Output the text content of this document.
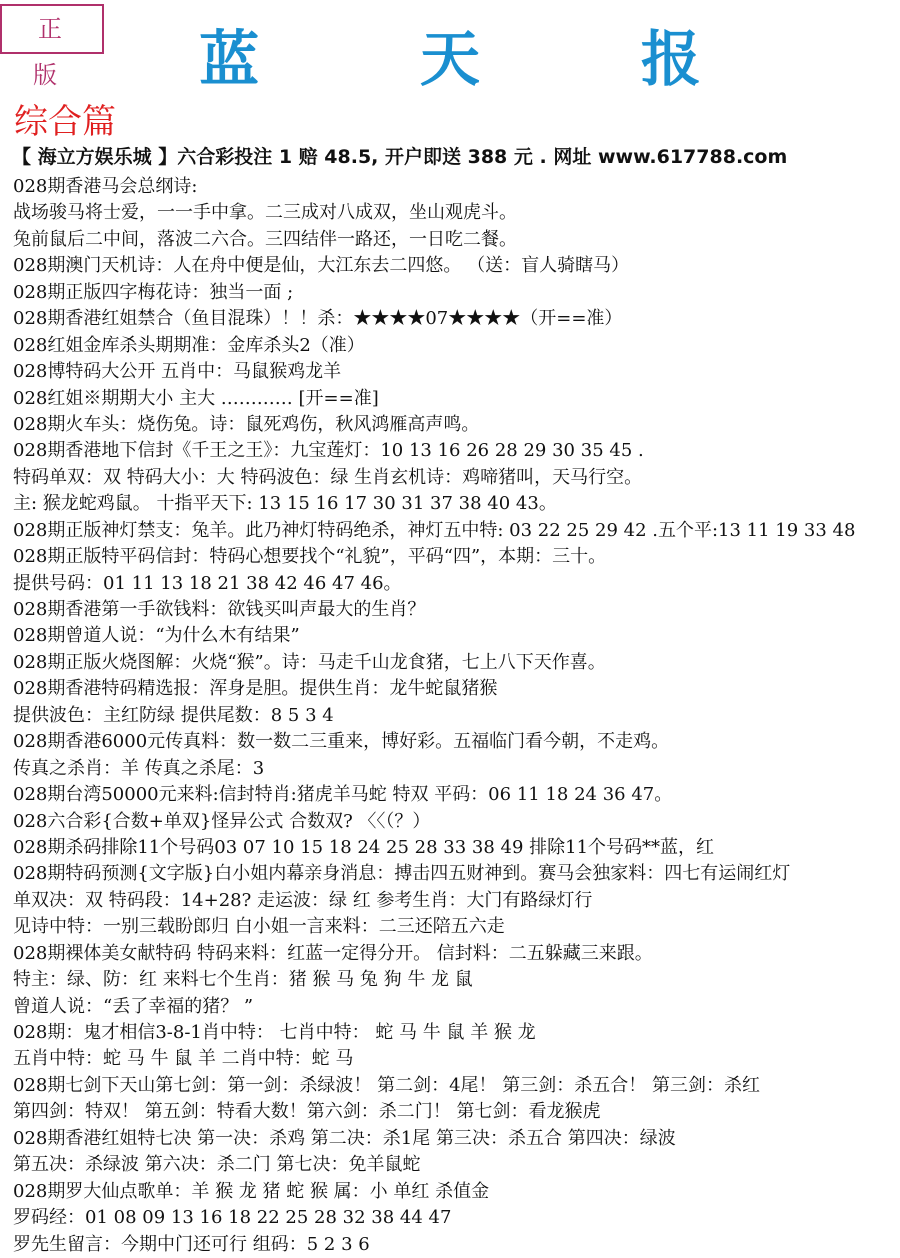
正 版	蓝 天 报
综合篇
【 海立方娱乐城 】六合彩投注 1 赔 48.5, 开户即送 388 元 . 网址 www.617788.com
028期香港马会总纲诗:
战场骏马将士爱，一一手中拿。二三成对八成双，坐山观虎斗。
兔前鼠后二中间，落波二六合。三四结伴一路还，一日吃二餐。
028期澳门天机诗：人在舟中便是仙，大江东去二四悠。 （送：盲人骑瞎马）
028期正版四字梅花诗：独当一面 ;
028期香港红姐禁合（鱼目混珠）！！杀：★★★★07★★★★（开==准）
028红姐金库杀头期期准：金库杀头2（准）
028博特码大公开 五肖中：马鼠猴鸡龙羊
028红姐※期期大小 主大 ………… [开==准]
028期火车头：烧伤兔。诗：鼠死鸡伤，秋风鸿雁高声鸣。
028期香港地下信封《千王之王》：九宝莲灯：10 13 16 26 28 29 30 35 45 .
特码单双：双 特码大小：大 特码波色：绿 生肖玄机诗：鸡啼猪叫，天马行空。
主: 猴龙蛇鸡鼠。 十指平天下: 13 15 16 17 30 31 37 38 40 43。
028期正版神灯禁支：兔羊。此乃神灯特码绝杀，神灯五中特: 03 22 25 29 42 .五个平:13 11 19 33 48
028期正版特平码信封：特码心想要找个“礼貌”，平码“四”，本期：三十。
提供号码：01 11 13 18 21 38 42 46 47 46。
028期香港第一手欲钱料：欲钱买叫声最大的生肖？
028期曾道人说：“为什么木有结果”
028期正版火烧图解：火烧“猴”。诗：马走千山龙食猪，七上八下天作喜。
028期香港特码精选报：浑身是胆。提供生肖：龙牛蛇鼠猪猴
提供波色：主红防绿 提供尾数：8 5 3 4
028期香港6000元传真料：数一数二三重来，博好彩。五福临门看今朝，不走鸡。
传真之杀肖：羊 传真之杀尾：3
028期台湾50000元来料:信封特肖:猪虎羊马蛇 特双 平码：06 11 18 24 36 47。
028六合彩{合数+单双}怪异公式 合数双? 〈〈（？）
028期杀码排除11个号码03 07 10 15 18 24 25 28 33 38 49 排除11个号码**蓝，红
028期特码预测{文字版}白小姐内幕亲身消息：搏击四五财神到。赛马会独家料：四七有运闹红灯
单双决：双 特码段：14+28? 走运波：绿 红 参考生肖：大门有路绿灯行
见诗中特：一别三载盼郎归 白小姐一言来料：二三还陪五六走
028期裸体美女献特码 特码来料：红蓝一定得分开。 信封料：二五躲藏三来跟。
特主：绿、防：红 来料七个生肖：猪 猴 马 兔 狗 牛 龙 鼠
曾道人说：“丢了幸福的猪？ ”
028期：鬼才相信3-8-1肖中特： 七肖中特： 蛇 马 牛 鼠 羊 猴 龙
五肖中特：蛇 马 牛 鼠 羊 二肖中特：蛇 马
028期七剑下天山第七剑：第一剑：杀绿波！ 第二剑：4尾！ 第三剑：杀五合！ 第三剑：杀红
第四剑：特双！ 第五剑：特看大数！第六剑：杀二门！ 第七剑：看龙猴虎
028期香港红姐特七决 第一决：杀鸡 第二决：杀1尾 第三决：杀五合 第四决：绿波
第五决：杀绿波 第六决：杀二门 第七决：免羊鼠蛇
028期罗大仙点歌单：羊 猴 龙 猪 蛇 猴 属：小 单红 杀值金
罗码经：01 08 09 13 16 18 22 25 28 32 38 44 47
罗先生留言：今期中门还可行 组码：5 2 3 6
